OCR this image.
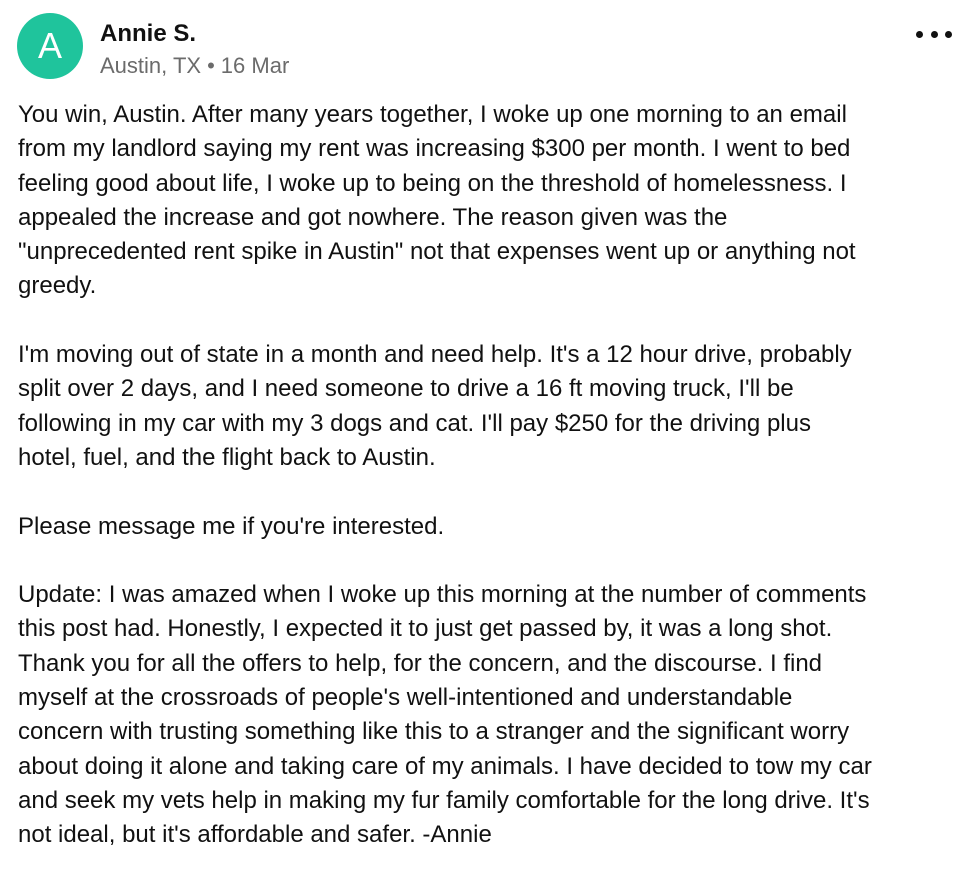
A	Annie S.
Austin, TX • 16 Mar

You win, Austin. After many years together, I woke up one morning to an email
from my landlord saying my rent was increasing $300 per month. I went to bed
feeling good about life, I woke up to being on the threshold of homelessness. I
appealed the increase and got nowhere. The reason given was the
"unprecedented rent spike in Austin" not that expenses went up or anything not
greedy.

I'm moving out of state in a month and need help. It's a 12 hour drive, probably
split over 2 days, and I need someone to drive a 16 ft moving truck, I'll be
following in my car with my 3 dogs and cat. I'll pay $250 for the driving plus
hotel, fuel, and the flight back to Austin.

Please message me if you're interested.

Update: I was amazed when I woke up this morning at the number of comments
this post had. Honestly, I expected it to just get passed by, it was a long shot.
Thank you for all the offers to help, for the concern, and the discourse. I find
myself at the crossroads of people's well-intentioned and understandable
concern with trusting something like this to a stranger and the significant worry
about doing it alone and taking care of my animals. I have decided to tow my car
and seek my vets help in making my fur family comfortable for the long drive. It's
not ideal, but it's affordable and safer. -Annie
